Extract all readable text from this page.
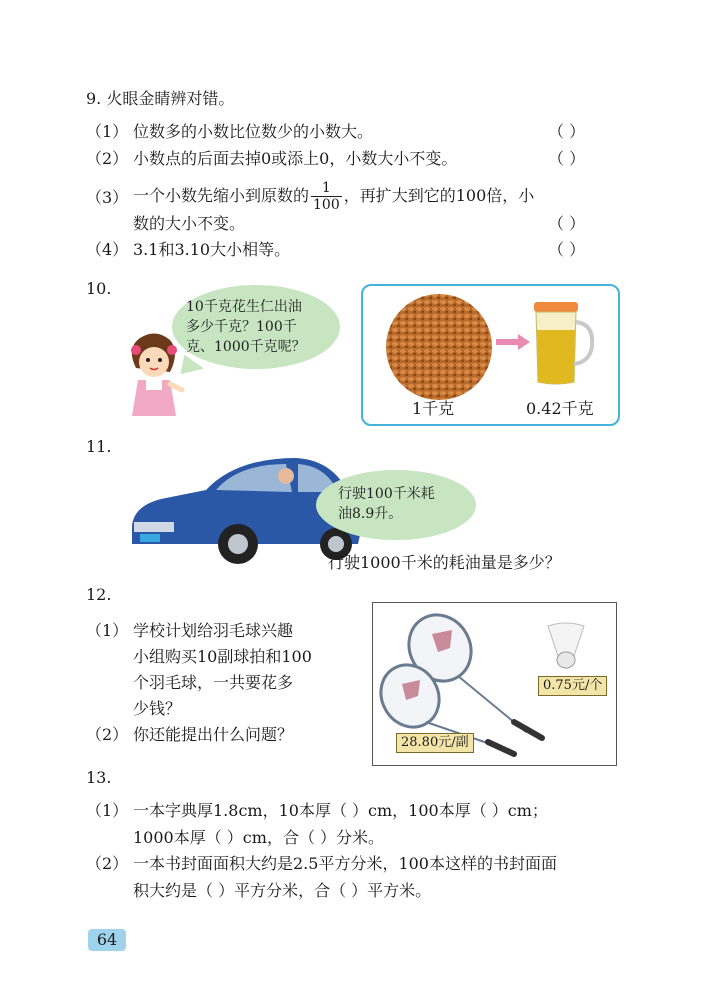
9. 火眼金睛辨对错。
（1） 位数多的小数比位数少的小数大。	（ ）
（2） 小数点的后面去掉0或添上0，小数大小不变。	（ ）
（3） 一个小数先缩小到原数的 $\frac{1}{100}$ ，再扩大到它的100倍，小
数的大小不变。	（ ）
（4） 3.1和3.10大小相等。	（ ）
10.
10千克花生仁出油
多少千克？100千
克、1000千克呢？
1千克	0.42千克
11.
行驶100千米耗
油8.9升。
行驶1000千米的耗油量是多少？
12.
（1） 学校计划给羽毛球兴趣
小组购买10副球拍和100
个羽毛球，一共要花多
少钱？
（2） 你还能提出什么问题？
0.75元/个
28.80元/副
13.
（1） 一本字典厚1.8cm，10本厚（ ）cm，100本厚（ ）cm；
1000本厚（ ）cm，合（ ）分米。
（2） 一本书封面面积大约是2.5平方分米，100本这样的书封面面
积大约是（ ）平方分米，合（ ）平方米。
64
